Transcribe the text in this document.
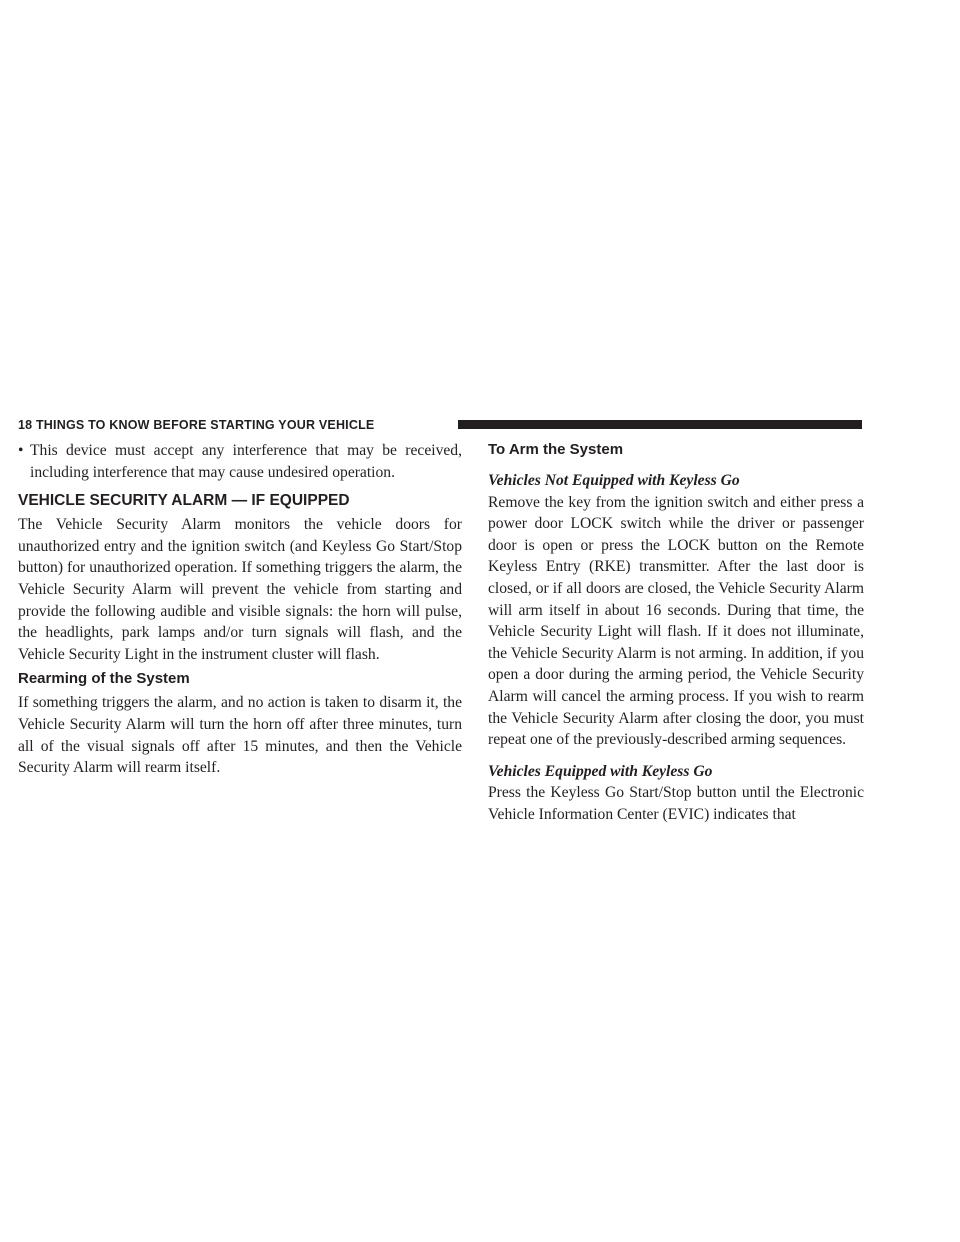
18 THINGS TO KNOW BEFORE STARTING YOUR VEHICLE
• This device must accept any interference that may be received, including interference that may cause undesired operation.

VEHICLE SECURITY ALARM — IF EQUIPPED

The Vehicle Security Alarm monitors the vehicle doors for unauthorized entry and the ignition switch (and Keyless Go Start/Stop button) for unauthorized operation. If something triggers the alarm, the Vehicle Security Alarm will prevent the vehicle from starting and provide the following audible and visible signals: the horn will pulse, the headlights, park lamps and/or turn signals will flash, and the Vehicle Security Light in the instrument cluster will flash.

Rearming of the System

If something triggers the alarm, and no action is taken to disarm it, the Vehicle Security Alarm will turn the horn off after three minutes, turn all of the visual signals off after 15 minutes, and then the Vehicle Security Alarm will rearm itself.

To Arm the System

Vehicles Not Equipped with Keyless Go

Remove the key from the ignition switch and either press a power door LOCK switch while the driver or passenger door is open or press the LOCK button on the Remote Keyless Entry (RKE) transmitter. After the last door is closed, or if all doors are closed, the Vehicle Security Alarm will arm itself in about 16 seconds. During that time, the Vehicle Security Light will flash. If it does not illuminate, the Vehicle Security Alarm is not arming. In addition, if you open a door during the arming period, the Vehicle Security Alarm will cancel the arming process. If you wish to rearm the Vehicle Security Alarm after closing the door, you must repeat one of the previously-described arming sequences.

Vehicles Equipped with Keyless Go

Press the Keyless Go Start/Stop button until the Electronic Vehicle Information Center (EVIC) indicates that
